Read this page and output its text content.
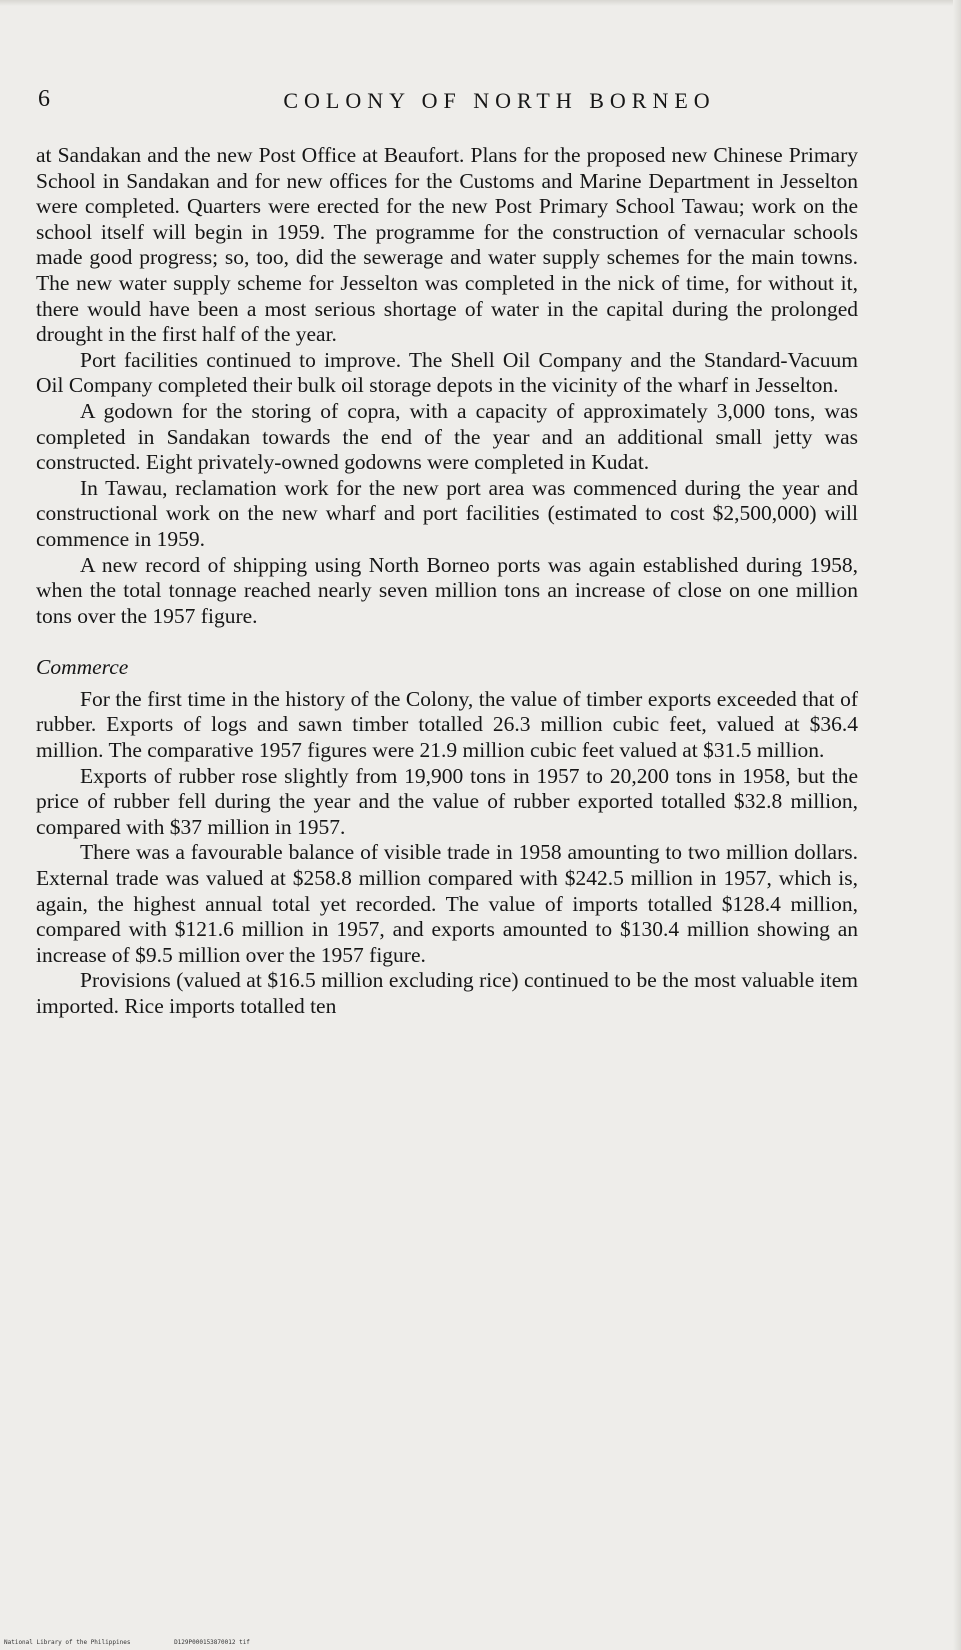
6	COLONY OF NORTH BORNEO

at Sandakan and the new Post Office at Beaufort. Plans for the proposed new Chinese Primary School in Sandakan and for new offices for the Customs and Marine Department in Jesselton were completed. Quarters were erected for the new Post Primary School Tawau; work on the school itself will begin in 1959. The programme for the construction of vernacular schools made good progress; so, too, did the sewerage and water supply schemes for the main towns. The new water supply scheme for Jesselton was completed in the nick of time, for without it, there would have been a most serious shortage of water in the capital during the prolonged drought in the first half of the year.

Port facilities continued to improve. The Shell Oil Company and the Standard-Vacuum Oil Company completed their bulk oil storage depots in the vicinity of the wharf in Jesselton.

A godown for the storing of copra, with a capacity of approximately 3,000 tons, was completed in Sandakan towards the end of the year and an additional small jetty was constructed. Eight privately-owned godowns were completed in Kudat.

In Tawau, reclamation work for the new port area was commenced during the year and constructional work on the new wharf and port facilities (estimated to cost $2,500,000) will commence in 1959.

A new record of shipping using North Borneo ports was again established during 1958, when the total tonnage reached nearly seven million tons an increase of close on one million tons over the 1957 figure.

Commerce

For the first time in the history of the Colony, the value of timber exports exceeded that of rubber. Exports of logs and sawn timber totalled 26.3 million cubic feet, valued at $36.4 million. The comparative 1957 figures were 21.9 million cubic feet valued at $31.5 million.

Exports of rubber rose slightly from 19,900 tons in 1957 to 20,200 tons in 1958, but the price of rubber fell during the year and the value of rubber exported totalled $32.8 million, compared with $37 million in 1957.

There was a favourable balance of visible trade in 1958 amounting to two million dollars. External trade was valued at $258.8 million compared with $242.5 million in 1957, which is, again, the highest annual total yet recorded. The value of imports totalled $128.4 million, compared with $121.6 million in 1957, and exports amounted to $130.4 million showing an increase of $9.5 million over the 1957 figure.

Provisions (valued at $16.5 million excluding rice) continued to be the most valuable item imported. Rice imports totalled ten

National Library of the Philippines	D129P000153870012 tif
